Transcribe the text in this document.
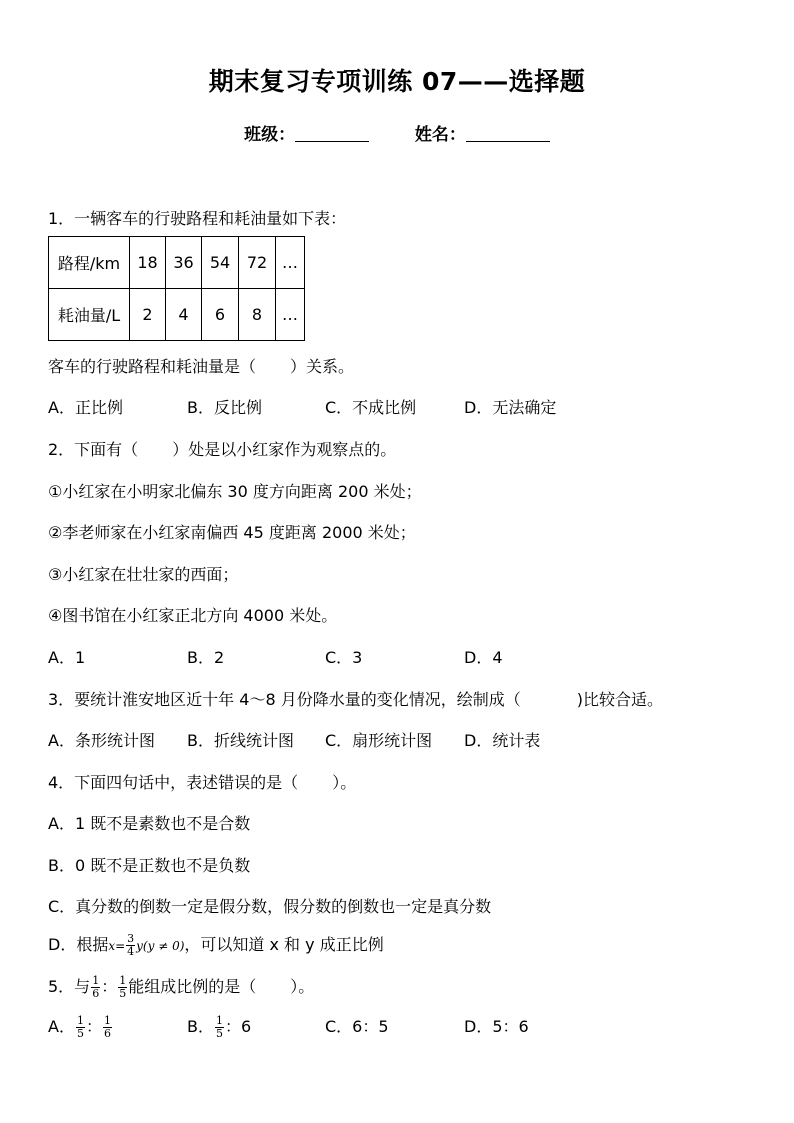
期末复习专项训练 07——选择题
班级：	姓名：
1．一辆客车的行驶路程和耗油量如下表：
路程/km	18	36	54	72	…
耗油量/L	2	4	6	8	…
客车的行驶路程和耗油量是（ ）关系。
A．正比例	B．反比例	C．不成比例	D．无法确定
2．下面有（ ）处是以小红家作为观察点的。
①小红家在小明家北偏东 30 度方向距离 200 米处；
②李老师家在小红家南偏西 45 度距离 2000 米处；
③小红家在壮壮家的西面；
④图书馆在小红家正北方向 4000 米处。
A．1	B．2	C．3	D．4
3．要统计淮安地区近十年 4～8 月份降水量的变化情况，绘制成（	)比较合适。
A．条形统计图 B．折线统计图 C．扇形统计图 D．统计表
4．下面四句话中，表述错误的是（ ）。
A．1 既不是素数也不是合数
B．0 既不是正数也不是负数
C．真分数的倒数一定是假分数，假分数的倒数也一定是真分数
D．根据$x= \frac{3}{4} y(y \ne 0)$，可以知道 x 和 y 成正比例
5．与 $\frac{1}{6}$ ： $\frac{1}{5}$ 能组成比例的是（ ）。
A． $\frac{1}{5}$ ： $\frac{1}{6}$	B． $\frac{1}{5}$ ：6	C．6：5	D．5：6
